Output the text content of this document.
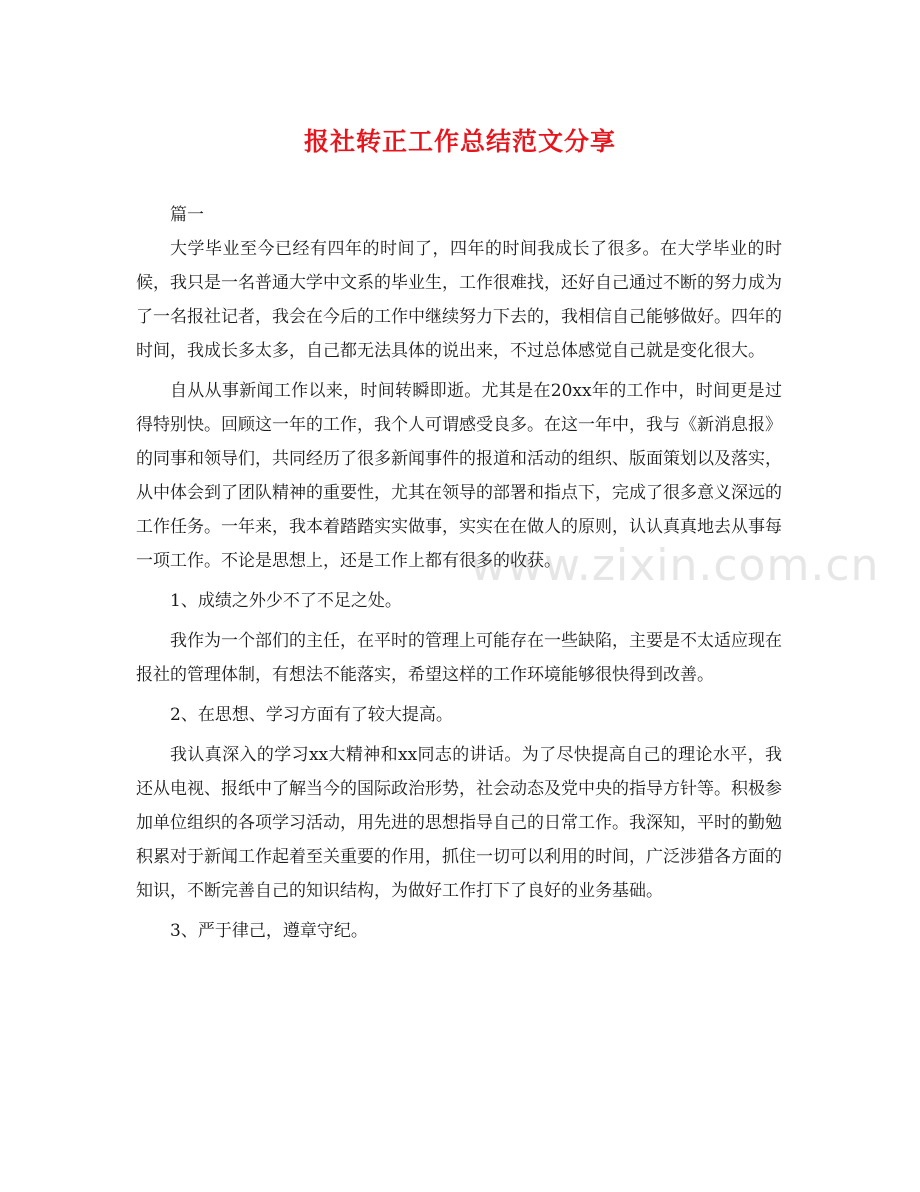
www.zixin.com.cn
报社转正工作总结范文分享

篇一

大学毕业至今已经有四年的时间了，四年的时间我成长了很多。在大学毕业的时候，我只是一名普通大学中文系的毕业生，工作很难找，还好自己通过不断的努力成为了一名报社记者，我会在今后的工作中继续努力下去的，我相信自己能够做好。四年的时间，我成长多太多，自己都无法具体的说出来，不过总体感觉自己就是变化很大。

自从从事新闻工作以来，时间转瞬即逝。尤其是在20xx年的工作中，时间更是过得特别快。回顾这一年的工作，我个人可谓感受良多。在这一年中，我与《新消息报》的同事和领导们，共同经历了很多新闻事件的报道和活动的组织、版面策划以及落实，从中体会到了团队精神的重要性，尤其在领导的部署和指点下，完成了很多意义深远的工作任务。一年来，我本着踏踏实实做事，实实在在做人的原则，认认真真地去从事每一项工作。不论是思想上，还是工作上都有很多的收获。

1、成绩之外少不了不足之处。

我作为一个部们的主任，在平时的管理上可能存在一些缺陷，主要是不太适应现在报社的管理体制，有想法不能落实，希望这样的工作环境能够很快得到改善。

2、在思想、学习方面有了较大提高。

我认真深入的学习xx大精神和xx同志的讲话。为了尽快提高自己的理论水平，我还从电视、报纸中了解当今的国际政治形势，社会动态及党中央的指导方针等。积极参加单位组织的各项学习活动，用先进的思想指导自己的日常工作。我深知，平时的勤勉积累对于新闻工作起着至关重要的作用，抓住一切可以利用的时间，广泛涉猎各方面的知识，不断完善自己的知识结构，为做好工作打下了良好的业务基础。

3、严于律己，遵章守纪。
